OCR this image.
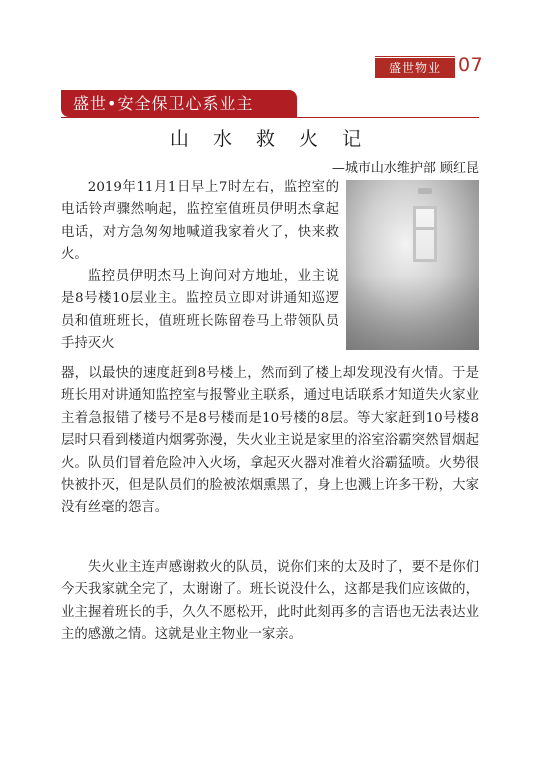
盛世物业 07
盛世•安全保卫心系业主
山 水 救 火 记
—城市山水维护部 顾红昆

2019年11月1日早上7时左右，监控室的电话铃声骤然响起，监控室值班员伊明杰拿起电话，对方急匆匆地喊道我家着火了，快来救火。

监控员伊明杰马上询问对方地址，业主说是8号楼10层业主。监控员立即对讲通知巡逻员和值班班长，值班班长陈留卷马上带领队员手持灭火

器，以最快的速度赶到8号楼上，然而到了楼上却发现没有火情。于是班长用对讲通知监控室与报警业主联系，通过电话联系才知道失火家业主着急报错了楼号不是8号楼而是10号楼的8层。等大家赶到10号楼8层时只看到楼道内烟雾弥漫，失火业主说是家里的浴室浴霸突然冒烟起火。队员们冒着危险冲入火场，拿起灭火器对准着火浴霸猛喷。火势很快被扑灭，但是队员们的脸被浓烟熏黑了，身上也溅上许多干粉，大家没有丝毫的怨言。

失火业主连声感谢救火的队员，说你们来的太及时了，要不是你们今天我家就全完了，太谢谢了。班长说没什么，这都是我们应该做的，业主握着班长的手，久久不愿松开，此时此刻再多的言语也无法表达业主的感激之情。这就是业主物业一家亲。
